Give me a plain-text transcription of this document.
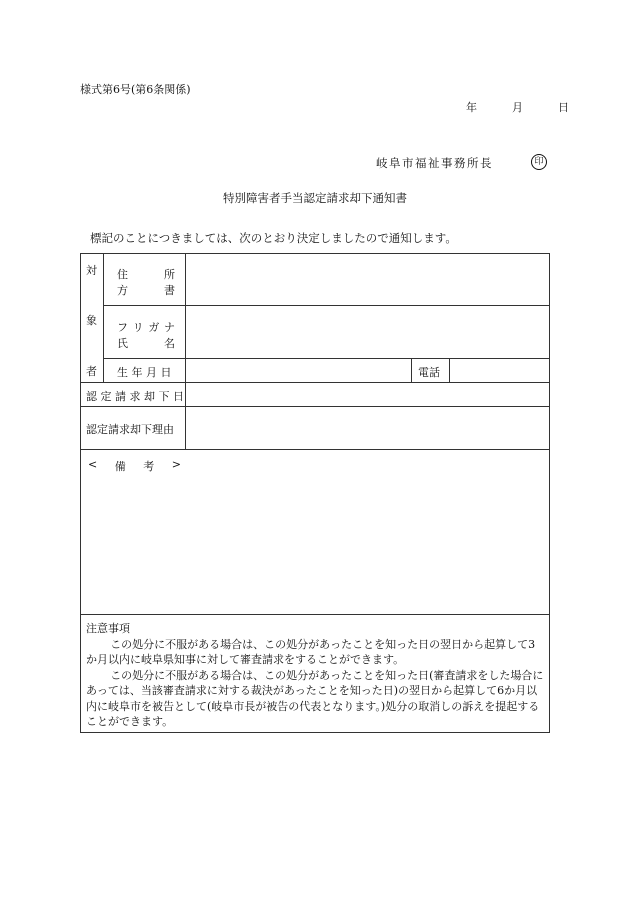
様式第6号(第6条関係)
年	月	日
岐阜市福祉事務所長	印
特別障害者手当認定請求却下通知書
標記のことにつきましては、次のとおり決定しましたので通知します。
対
象
者
住	所
方	書
フ リ ガ ナ
氏	名
生 年 月 日	電話
認 定 請 求 却 下 日
認定請求却下理由
< 備 考 >

注意事項

この処分に不服がある場合は、この処分があったことを知った日の翌日から起算して3か月以内に岐阜県知事に対して審査請求をすることができます。

この処分に不服がある場合は、この処分があったことを知った日(審査請求をした場合にあっては、当該審査請求に対する裁決があったことを知った日)の翌日から起算して6か月以内に岐阜市を被告として(岐阜市長が被告の代表となります。)処分の取消しの訴えを提起することができます。
